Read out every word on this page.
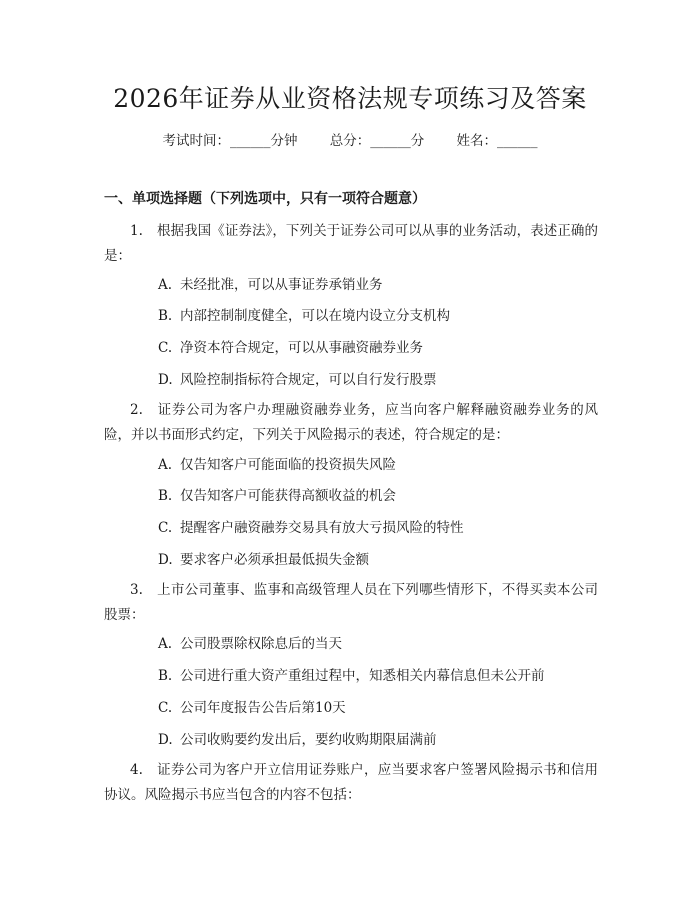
2026年证券从业资格法规专项练习及答案
考试时间：______分钟 总分：______分 姓名：______
一、单项选择题（下列选项中，只有一项符合题意）
1. 根据我国《证券法》，下列关于证券公司可以从事的业务活动，表述正确的是：
A. 未经批准，可以从事证券承销业务
B. 内部控制制度健全，可以在境内设立分支机构
C. 净资本符合规定，可以从事融资融券业务
D. 风险控制指标符合规定，可以自行发行股票
2. 证券公司为客户办理融资融券业务，应当向客户解释融资融券业务的风险，并以书面形式约定，下列关于风险揭示的表述，符合规定的是：
A. 仅告知客户可能面临的投资损失风险
B. 仅告知客户可能获得高额收益的机会
C. 提醒客户融资融券交易具有放大亏损风险的特性
D. 要求客户必须承担最低损失金额
3. 上市公司董事、监事和高级管理人员在下列哪些情形下，不得买卖本公司股票：
A. 公司股票除权除息后的当天
B. 公司进行重大资产重组过程中，知悉相关内幕信息但未公开前
C. 公司年度报告公告后第10天
D. 公司收购要约发出后，要约收购期限届满前
4. 证券公司为客户开立信用证券账户，应当要求客户签署风险揭示书和信用协议。风险揭示书应当包含的内容不包括：
